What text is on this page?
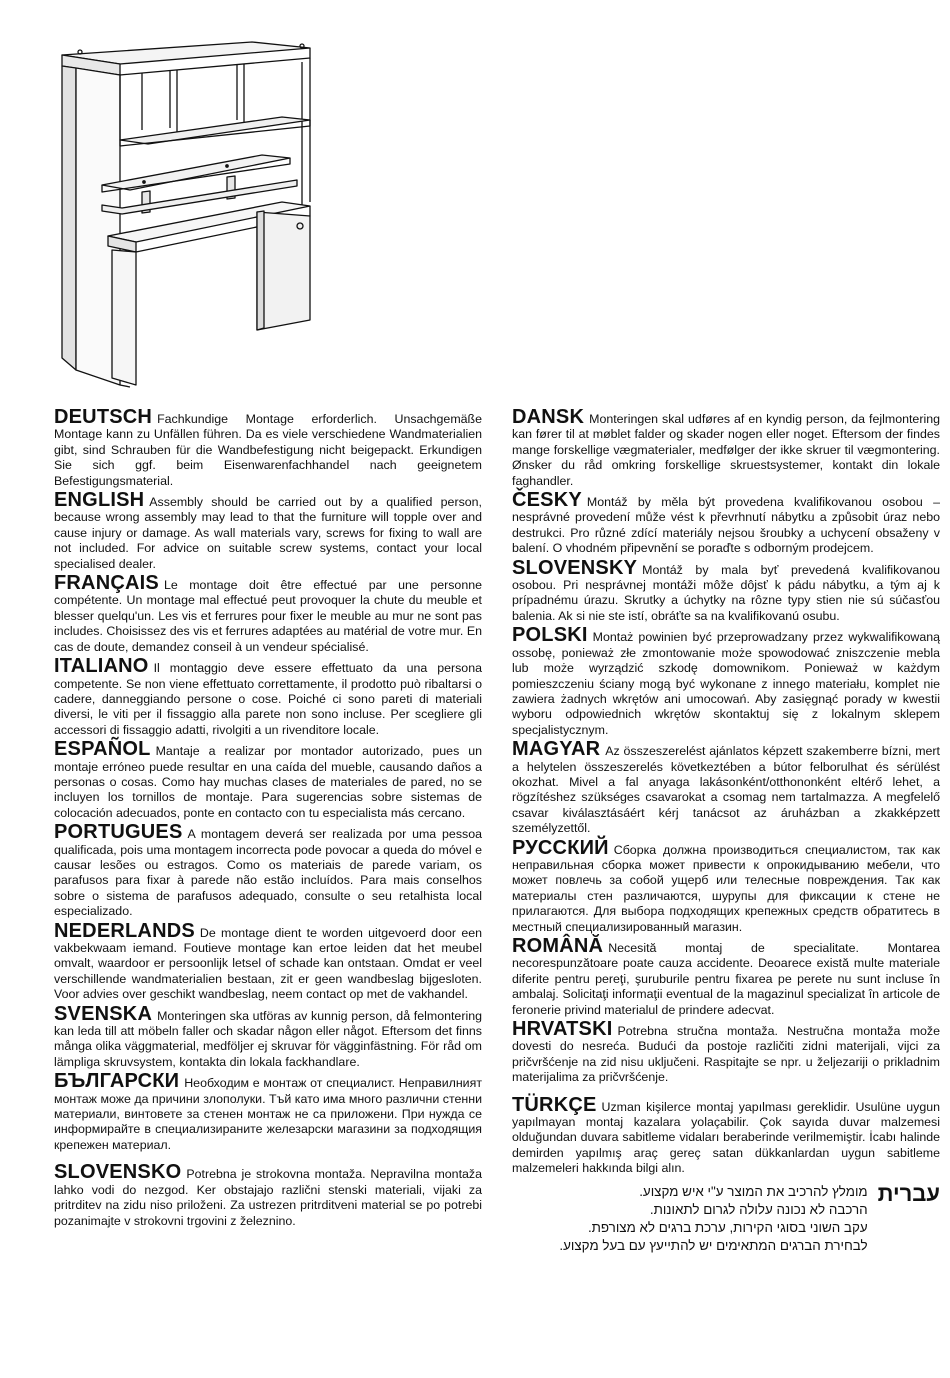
DEUTSCH Fachkundige Montage erforderlich. Unsachgemäße Montage kann zu Unfällen führen. Da es viele verschiedene Wandmaterialien gibt, sind Schrauben für die Wandbefestigung nicht beigepackt. Erkundigen Sie sich ggf. beim Eisenwarenfachhandel nach geeignetem Befestigungsmaterial.

ENGLISH Assembly should be carried out by a qualified person, because wrong assembly may lead to that the furniture will topple over and cause injury or damage. As wall materials vary, screws for fixing to wall are not included. For advice on suitable screw systems, contact your local specialised dealer.

FRANÇAIS Le montage doit être effectué par une personne compétente. Un montage mal effectué peut provoquer la chute du meuble et blesser quelqu'un. Les vis et ferrures pour fixer le meuble au mur ne sont pas includes. Choisissez des vis et ferrures adaptées au matérial de votre mur. En cas de doute, demandez conseil à un vendeur spécialisé.

ITALIANO Il montaggio deve essere effettuato da una persona competente. Se non viene effettuato correttamente, il prodotto può ribaltarsi o cadere, danneggiando persone o cose. Poiché ci sono pareti di materiali diversi, le viti per il fissaggio alla parete non sono incluse. Per scegliere gli accessori di fissaggio adatti, rivolgiti a un rivenditore locale.

ESPAÑOL Mantaje a realizar por montador autorizado, pues un montaje erróneo puede resultar en una caída del mueble, causando daños a personas o cosas. Como hay muchas clases de materiales de pared, no se incluyen los tornillos de montaje. Para sugerencias sobre sistemas de colocación adecuados, ponte en contacto con tu especialista más cercano.

PORTUGUES A montagem deverá ser realizada por uma pessoa qualificada, pois uma montagem incorrecta pode povocar a queda do móvel e causar lesões ou estragos. Como os materiais de parede variam, os parafusos para fixar à parede não estão incluídos. Para mais conselhos sobre o sistema de parafusos adequado, consulte o seu retalhista local especializado.

NEDERLANDS De montage dient te worden uitgevoerd door een vakbekwaam iemand. Foutieve montage kan ertoe leiden dat het meubel omvalt, waardoor er persoonlijk letsel of schade kan ontstaan. Omdat er veel verschillende wandmaterialien bestaan, zit er geen wandbeslag bijgesloten. Voor advies over geschikt wandbeslag, neem contact op met de vakhandel.

SVENSKA Monteringen ska utföras av kunnig person, då felmontering kan leda till att möbeln faller och skadar någon eller något. Eftersom det finns många olika väggmaterial, medföljer ej skruvar för vägginfästning. För råd om lämpliga skruvsystem, kontakta din lokala fackhandlare.

БЪЛГАРСКИ Необходим е монтаж от специалист. Неправилният монтаж може да причини злополуки. Тъй като има много различни стенни материали, винтовете за стенен монтаж не са приложени. При нужда се информирайте в специализираните железарски магазини за подходящия крепежен материал.

SLOVENSKO Potrebna je strokovna montaža. Nepravilna montaža lahko vodi do nezgod. Ker obstajajo različni stenski materiali, vijaki za pritrditev na zidu niso priloženi. Za ustrezen pritrditveni material se po potrebi pozanimajte v strokovni trgovini z železnino.

DANSK Monteringen skal udføres af en kyndig person, da fejlmontering kan fører til at møblet falder og skader nogen eller noget. Eftersom der findes mange forskellige vægmaterialer, medfølger der ikke skruer til vægmontering. Ønsker du råd omkring forskellige skruestsystemer, kontakt din lokale faghandler.

ČESKY Montáž by měla být provedena kvalifikovanou osobou – nesprávné provedení může vést k převrhnutí nábytku a způsobit úraz nebo destrukci. Pro různé zdící materiály nejsou šroubky a uchycení obsaženy v balení. O vhodném připevnění se poraďte s odborným prodejcem.

SLOVENSKY Montáž by mala byť prevedená kvalifikovanou osobou. Pri nesprávnej montáži môže dôjsť k pádu nábytku, a tým aj k prípadnému úrazu. Skrutky a úchytky na rôzne typy stien nie sú súčasťou balenia. Ak si nie ste istí, obráťte sa na kvalifikovanú osubu.

POLSKI Montaż powinien być przeprowadzany przez wykwalifikowaną ossobę, ponieważ złe zmontowanie może spowodować zniszczenie mebla lub może wyrządzić szkodę domownikom. Ponieważ w każdym pomieszczeniu ściany mogą być wykonane z innego materiału, komplet nie zawiera żadnych wkrętów ani umocowań. Aby zasięgnąć porady w kwestii wyboru odpowiednich wkrętów skontaktuj się z lokalnym sklepem specjalistycznym.

MAGYAR Az összeszerelést ajánlatos képzett szakemberre bízni, mert a helytelen összeszerelés következtében a bútor felborulhat és sérülést okozhat. Mivel a fal anyaga lakásonként/otthononként eltérő lehet, a rögzítéshez szükséges csavarokat a csomag nem tartalmazza. A megfelelő csavar kiválasztásáért kérj tanácsot az áruházban a zkakképzett személyzettől.

РУССКИЙ Сборка должна производиться специалистом, так как неправильная сборка может привести к опрокидыванию мебели, что может повлечь за собой ущерб или телесные повреждения. Так как материалы стен различаются, шурупы для фиксации к стене не прилагаются. Для выбора подходящих крепежных средств обратитесь в местный специализированный магазин.

ROMÂNĂ Necesită montaj de specialitate. Montarea necorespunzătoare poate cauza accidente. Deoarece există multe materiale diferite pentru pereţi, şuruburile pentru fixarea pe perete nu sunt incluse în ambalaj. Solicitaţi informaţii eventual de la magazinul specializat în articole de feronerie privind materialul de prindere adecvat.

HRVATSKI Potrebna stručna montaža. Nestručna montaža može dovesti do nesreća. Budući da postoje različiti zidni materijali, vijci za pričvršćenje na zid nisu uključeni. Raspitajte se npr. u željezariji o prikladnim materijalima za pričvršćenje.

TÜRKÇE Uzman kişilerce montaj yapılması gereklidir. Usulüne uygun yapılmayan montaj kazalara yolaçabilir. Çok sayıda duvar malzemesi olduğundan duvara sabitleme vidaları beraberinde verilmemiştir. İcabı halinde demirden yapılmış araç gereç satan dükkanlardan uygun sabitleme malzemeleri hakkında bilgi alın.

מומלץ להרכיב את המוצר ע"י איש מקצוע.
הרכבה לא נכונה עלולה לגרום לתאונות.
עקב השוני בסוגי הקירות, ערכת ברגים לא מצורפת.
לבחירת הברגים המתאימים יש להתייעץ עם בעל מקצוע.
עברית
